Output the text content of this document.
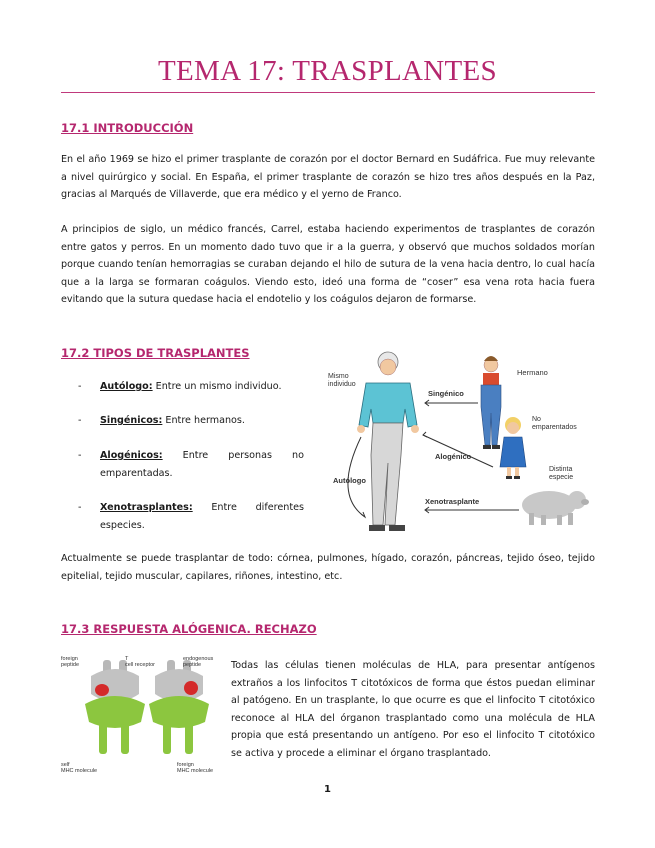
TEMA 17: TRASPLANTES
17.1 INTRODUCCIÓN
En el año 1969 se hizo el primer trasplante de corazón por el doctor Bernard en Sudáfrica. Fue muy relevante a nivel quirúrgico y social. En España, el primer trasplante de corazón se hizo tres años después en la Paz, gracias al Marqués de Villaverde, que era médico y el yerno de Franco.
A principios de siglo, un médico francés, Carrel, estaba haciendo experimentos de trasplantes de corazón entre gatos y perros. En un momento dado tuvo que ir a la guerra, y observó que muchos soldados morían porque cuando tenían hemorragias se curaban dejando el hilo de sutura de la vena hacia dentro, lo cual hacía que a la larga se formaran coágulos. Viendo esto, ideó una forma de “coser” esa vena rota hacia fuera evitando que la sutura quedase hacia el endotelio y los coágulos dejaron de formarse.
17.2 TIPOS DE TRASPLANTES
- Autólogo: Entre un mismo individuo.
- Singénicos: Entre hermanos.
- Alogénicos: Entre personas no emparentadas.
- Xenotrasplantes: Entre diferentes especies.
Mismo individuo
Hermano
Singénico
No emparentados
Alogénico
Distinta especie
Xenotrasplante
Autólogo
Actualmente se puede trasplantar de todo: córnea, pulmones, hígado, corazón, páncreas, tejido óseo, tejido epitelial, tejido muscular, capilares, riñones, intestino, etc.
17.3 RESPUESTA ALÓGENICA. RECHAZO
foreign peptide
T cell receptor
endogenous peptide
self MHC molecule
foreign MHC molecule
Todas las células tienen moléculas de HLA, para presentar antígenos extraños a los linfocitos T citotóxicos de forma que éstos puedan eliminar al patógeno. En un trasplante, lo que ocurre es que el linfocito T citotóxico reconoce al HLA del órganon trasplantado como una molécula de HLA propia que está presentando un antígeno. Por eso el linfocito T citotóxico se activa y procede a eliminar el órgano trasplantado.
1
